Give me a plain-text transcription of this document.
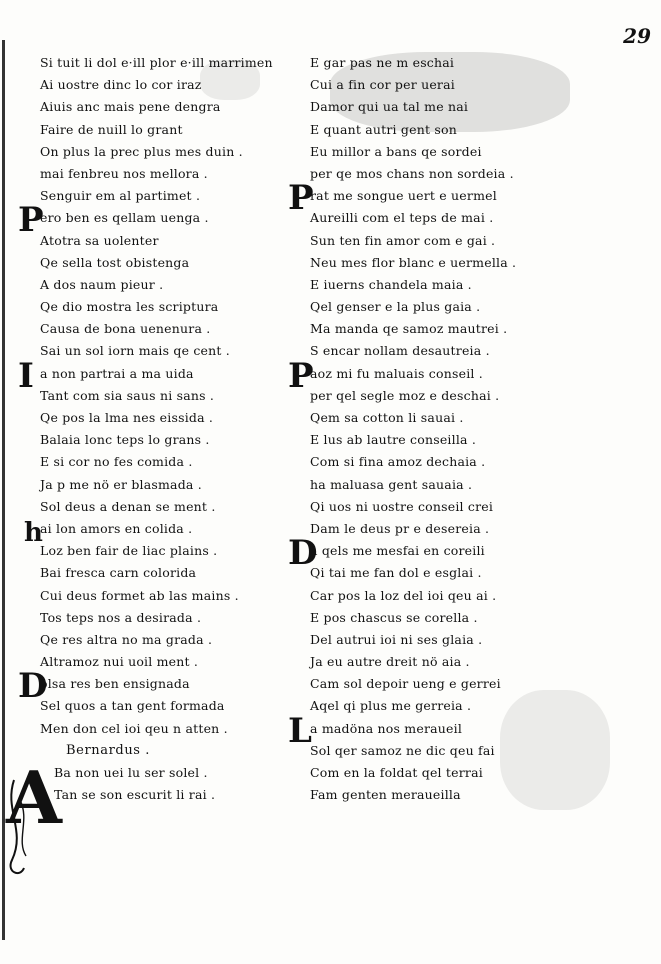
29
Si tuit li dol e·ill plor e·ill marrimen
Ai uostre dinc lo cor iraz
Aiuis anc mais pene dengra
Faire de nuill lo grant
On plus la prec plus mes duin .
mai fenbreu nos mellora .
Senguir em al partimet .
P
ero ben es qellam uenga .
Atotra sa uolenter
Qe sella tost obistenga
A dos naum pieur .
Qe dio mostra les scriptura
Causa de bona uenenura .
Sai un sol iorn mais qe cent .
I a non partrai a ma uida
Tant com sia saus ni sans .
Qe pos la lma nes eissida .
Balaia lonc teps lo grans .
E si cor no fes comida .
Ja p me nö er blasmada .
Sol deus a denan se ment .
h
ai lon amors en colida .
Loz ben fair de liac plains .
Bai fresca carn colorida
Cui deus formet ab las mains .
Tos teps nos a desirada .
Qe res altra no ma grada .
Altramoz nui uoil ment .
D
olsa res ben ensignada
Sel quos a tan gent formada
Men don cel ioi qeu n atten .
Bernardus .
Ba non uei lu ser solel .
Tan se son escurit li rai .
E gar pas ne m eschai
Cui a fin cor per uerai
Damor qui ua tal me nai
E quant autri gent son
Eu millor a bans qe sordei
per qe mos chans non sordeia .
P
rat me songue uert e uermel
Aureilli com el teps de mai .
Sun ten fin amor com e gai .
Neu mes flor blanc e uermella .
E iuerns chandela maia .
Qel genser e la plus gaia .
Ma manda qe samoz mautrei .
S encar nollam desautreia .
P
aoz mi fu maluais conseil .
per qel segle moz e deschai .
Qem sa cotton li sauai .
E lus ab lautre conseilla .
Com si fina amoz dechaia .
ha maluasa gent sauaia .
Qi uos ni uostre conseil crei
Dam le deus pr e desereia .
D
a qels me mesfai en coreili
Qi tai me fan dol e esglai .
Car pos la loz del ioi qeu ai .
E pos chascus se corella .
Del autrui ioi ni ses glaia .
Ja eu autre dreit nö aia .
Cam sol depoir ueng e gerrei
Aqel qi plus me gerreia .
L
a madöna nos meraueil
Sol qer samoz ne dic qeu fai
Com en la foldat qel terrai
Fam genten meraueilla
A
